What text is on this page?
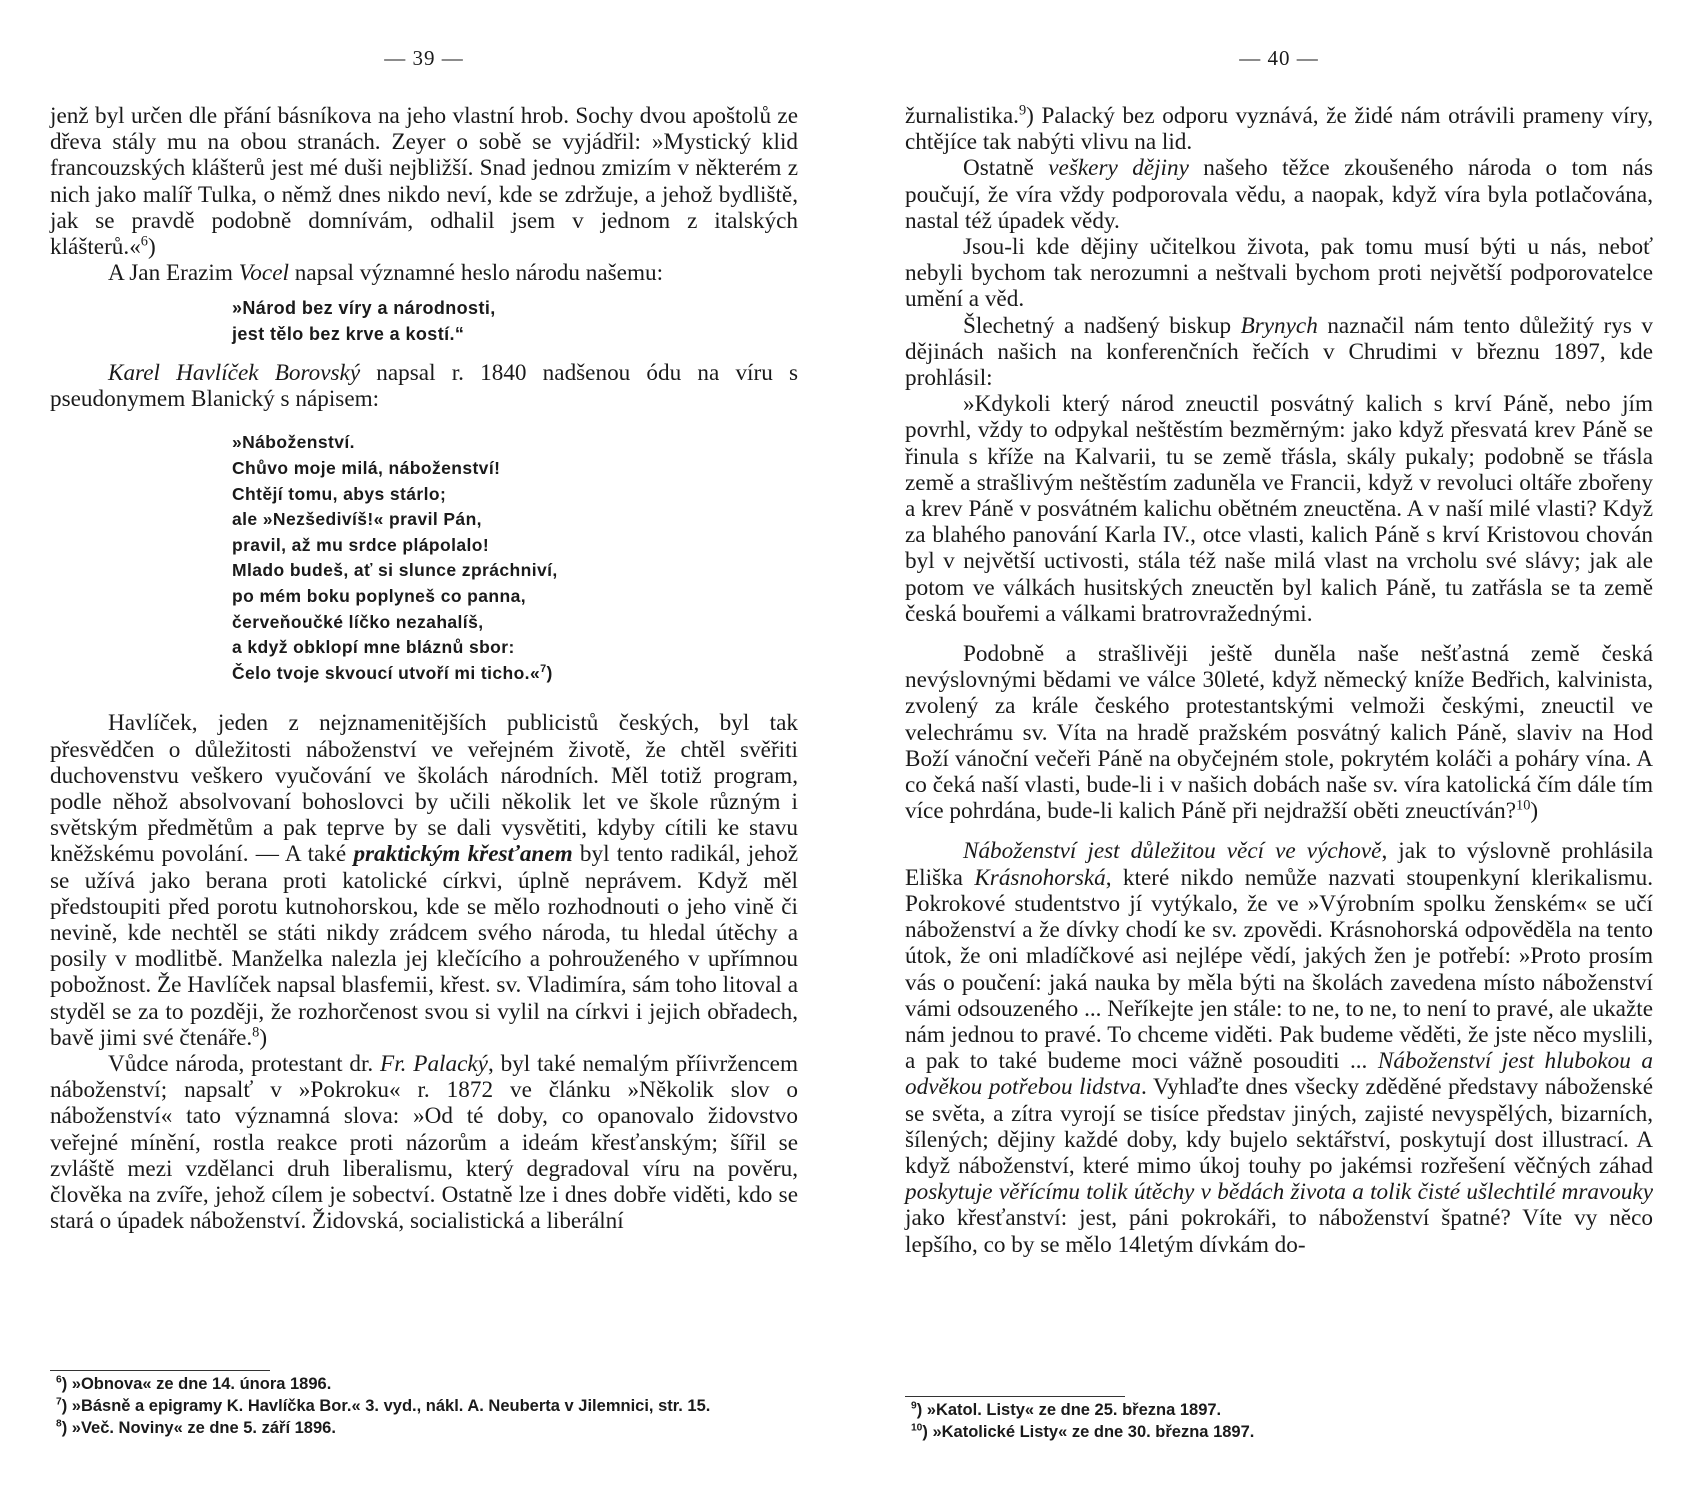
— 39 —

jenž byl určen dle přání básníkova na jeho vlastní hrob. Sochy dvou apoštolů ze dřeva stály mu na obou stranách. Zeyer o sobě se vyjádřil: »Mystický klid francouzských klášterů jest mé duši nejbližší. Snad jednou zmizím v některém z nich jako malíř Tulka, o němž dnes nikdo neví, kde se zdržuje, a jehož bydliště, jak se pravdě podobně domnívám, odhalil jsem v jednom z italských klášterů.«$^6$)

A Jan Erazim Vocel napsal významné heslo národu našemu:

»Národ bez víry a národnosti,
jest tělo bez krve a kostí.“

Karel Havlíček Borovský napsal r. 1840 nadšenou ódu na víru s pseudonymem Blanický s nápisem:

»Náboženství.
Chůvo moje milá, náboženství!
Chtějí tomu, abys stárlo;
ale »Nezšedivíš!« pravil Pán,
pravil, až mu srdce plápolalo!
Mlado budeš, ať si slunce zpráchniví,
po mém boku poplyneš co panna,
červeňoučké líčko nezahalíš,
a když obklopí mne bláznů sbor:
Čelo tvoje skvoucí utvoří mi ticho.«$^7$)

Havlíček, jeden z nejznamenitějších publicistů českých, byl tak přesvědčen o důležitosti náboženství ve veřejném životě, že chtěl svěřiti duchovenstvu veškero vyučování ve školách národních. Měl totiž program, podle něhož absolvovaní bohoslovci by učili několik let ve škole různým i světským předmětům a pak teprve by se dali vysvětiti, kdyby cítili ke stavu kněžskému povolání. — A také praktickým křesťanem byl tento radikál, jehož se užívá jako berana proti katolické církvi, úplně neprávem. Když měl předstoupiti před porotu kutnohorskou, kde se mělo rozhodnouti o jeho vině či nevině, kde nechtěl se státi nikdy zrádcem svého národa, tu hledal útěchy a posily v modlitbě. Manželka nalezla jej klečícího a pohrouženého v upřímnou pobožnost. Že Havlíček napsal blasfemii, křest. sv. Vladimíra, sám toho litoval a styděl se za to později, že rozhorčenost svou si vylil na církvi i jejich obřadech, bavě jimi své čtenáře.$^8$)

Vůdce národa, protestant dr. Fr. Palacký, byl také nemalým příivržencem náboženství; napsalť v »Pokroku« r. 1872 ve článku »Několik slov o náboženství« tato významná slova: »Od té doby, co opanovalo židovstvo veřejné mínění, rostla reakce proti názorům a ideám křesťanským; šířil se zvláště mezi vzdělanci druh liberalismu, který degradoval víru na pověru, člověka na zvíře, jehož cílem je sobectví. Ostatně lze i dnes dobře viděti, kdo se stará o úpadek náboženství. Židovská, socialistická a liberální

$^6$) »Obnova« ze dne 14. února 1896.
$^7$) »Básně a epigramy K. Havlíčka Bor.« 3. vyd., nákl. A. Neuberta v Jilemnici, str. 15.
$^8$) »Več. Noviny« ze dne 5. září 1896.
— 40 —

žurnalistika.$^9$) Palacký bez odporu vyznává, že židé nám otrávili prameny víry, chtějíce tak nabýti vlivu na lid.

Ostatně veškery dějiny našeho těžce zkoušeného národa o tom nás poučují, že víra vždy podporovala vědu, a naopak, když víra byla potlačována, nastal též úpadek vědy.

Jsou-li kde dějiny učitelkou života, pak tomu musí býti u nás, neboť nebyli bychom tak nerozumni a neštvali bychom proti největší podporovatelce umění a věd.

Šlechetný a nadšený biskup Brynych naznačil nám tento důležitý rys v dějinách našich na konferenčních řečích v Chrudimi v březnu 1897, kde prohlásil:

»Kdykoli který národ zneuctil posvátný kalich s krví Páně, nebo jím povrhl, vždy to odpykal neštěstím bezměrným: jako když přesvatá krev Páně se řinula s kříže na Kalvarii, tu se země třásla, skály pukaly; podobně se třásla země a strašlivým neštěstím zaduněla ve Francii, když v revoluci oltáře zbořeny a krev Páně v posvátném kalichu obětném zneuctěna. A v naší milé vlasti? Když za blahého panování Karla IV., otce vlasti, kalich Páně s krví Kristovou chován byl v největší uctivosti, stála též naše milá vlast na vrcholu své slávy; jak ale potom ve válkách husitských zneuctěn byl kalich Páně, tu zatřásla se ta země česká bouřemi a válkami bratrovražednými.

Podobně a strašlivěji ještě duněla naše nešťastná země česká nevýslovnými bědami ve válce 30leté, když německý kníže Bedřich, kalvinista, zvolený za krále českého protestantskými velmoži českými, zneuctil ve velechrámu sv. Víta na hradě pražském posvátný kalich Páně, slaviv na Hod Boží vánoční večeři Páně na obyčejném stole, pokrytém koláči a poháry vína. A co čeká naší vlasti, bude-li i v našich dobách naše sv. víra katolická čím dále tím více pohrdána, bude-li kalich Páně při nejdražší oběti zneuctíván?$^{10}$)

Náboženství jest důležitou věcí ve výchově, jak to výslovně prohlásila Eliška Krásnohorská, které nikdo nemůže nazvati stoupenkyní klerikalismu. Pokrokové studentstvo jí vytýkalo, že ve »Výrobním spolku ženském« se učí náboženství a že dívky chodí ke sv. zpovědi. Krásnohorská odpověděla na tento útok, že oni mladíčkové asi nejlépe vědí, jakých žen je potřebí: »Proto prosím vás o poučení: jaká nauka by měla býti na školách zavedena místo náboženství vámi odsouzeného ... Neříkejte jen stále: to ne, to ne, to není to pravé, ale ukažte nám jednou to pravé. To chceme viděti. Pak budeme věděti, že jste něco myslili, a pak to také budeme moci vážně posouditi ... Náboženství jest hlubokou a odvěkou potřebou lidstva. Vyhlaďte dnes všecky zděděné představy náboženské se světa, a zítra vyrojí se tisíce představ jiných, zajisté nevyspělých, bizarních, šílených; dějiny každé doby, kdy bujelo sektářství, poskytují dost illustrací. A když náboženství, které mimo úkoj touhy po jakémsi rozřešení věčných záhad poskytuje věřícímu tolik útěchy v bědách života a tolik čisté ušlechtilé mravouky jako křesťanství: jest, páni pokrokáři, to náboženství špatné? Víte vy něco lepšího, co by se mělo 14letým dívkám do-

$^9$) »Katol. Listy« ze dne 25. března 1897.
$^{10}$) »Katolické Listy« ze dne 30. března 1897.
